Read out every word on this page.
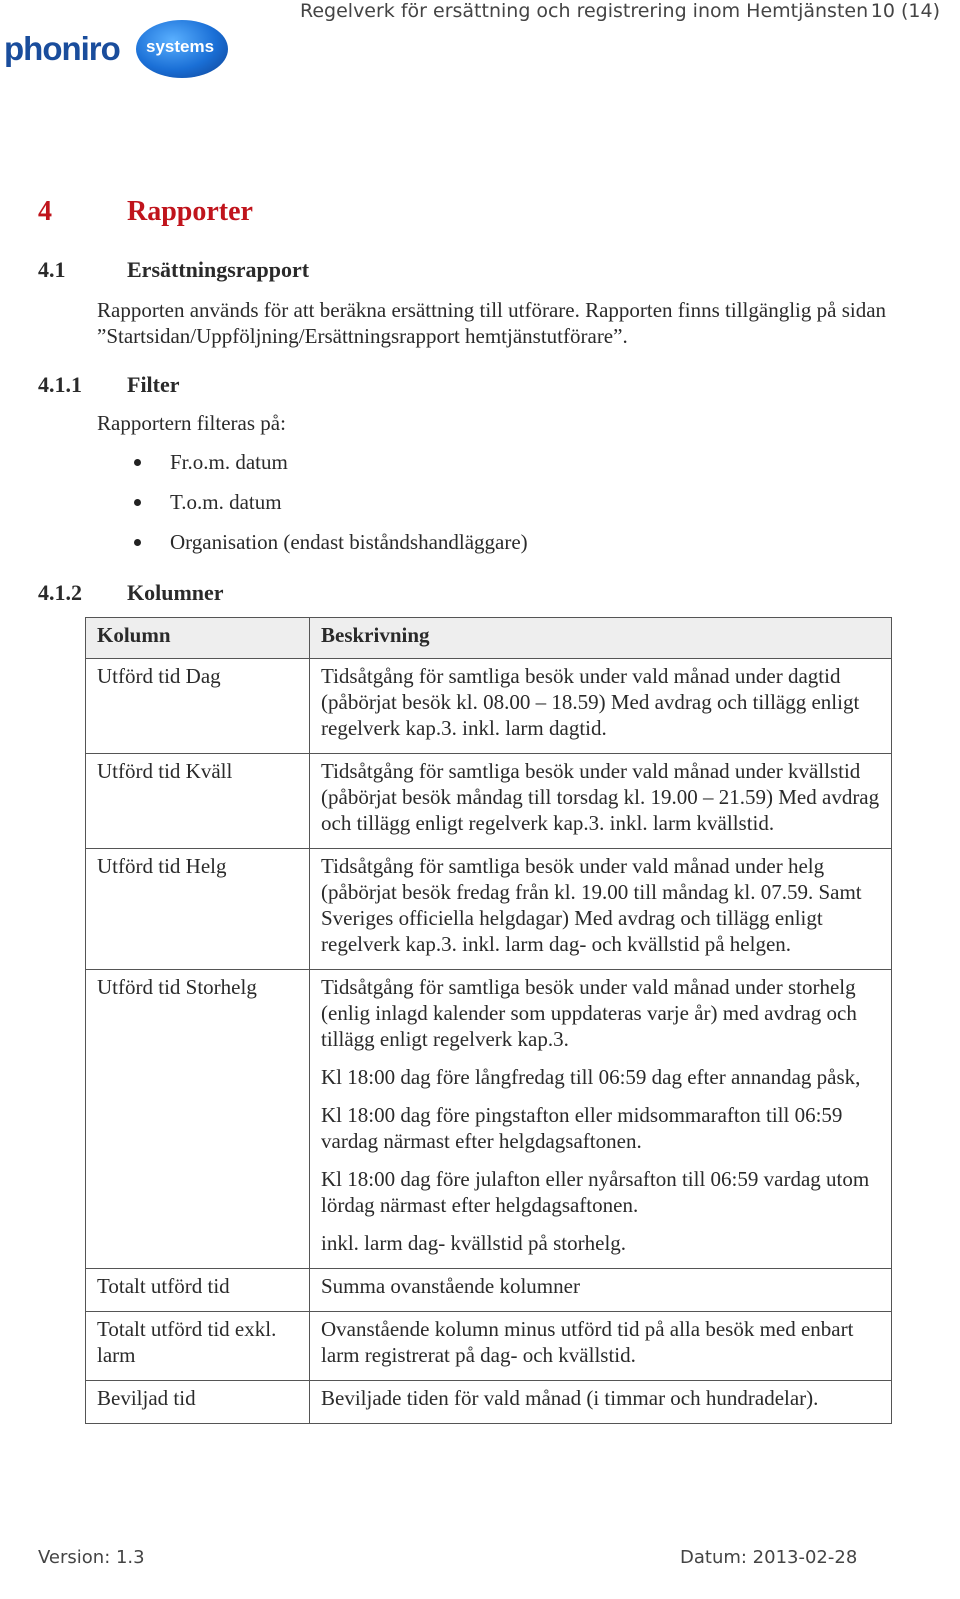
phoniro systems
Regelverk för ersättning och registrering inom Hemtjänsten 10 (14)
4	Rapporter
4.1	Ersättningsrapport
Rapporten används för att beräkna ersättning till utförare. Rapporten finns tillgänglig på sidan ”Startsidan/Uppföljning/Ersättningsrapport hemtjänstutförare”.
4.1.1 Filter
Rapportern filteras på:
Fr.o.m. datum
T.o.m. datum
Organisation (endast biståndshandläggare)
4.1.2 Kolumner
Kolumn	Beskrivning
Utförd tid Dag	Tidsåtgång för samtliga besök under vald månad under dagtid (påbörjat besök kl. 08.00 – 18.59) Med avdrag och tillägg enligt regelverk kap.3. inkl. larm dagtid.

Utförd tid Kväll	Tidsåtgång för samtliga besök under vald månad under kvällstid (påbörjat besök måndag till torsdag kl. 19.00 – 21.59) Med avdrag och tillägg enligt regelverk kap.3. inkl. larm kvällstid.

Utförd tid Helg	Tidsåtgång för samtliga besök under vald månad under helg (påbörjat besök fredag från kl. 19.00 till måndag kl. 07.59. Samt Sveriges officiella helgdagar) Med avdrag och tillägg enligt regelverk kap.3. inkl. larm dag- och kvällstid på helgen.

Utförd tid Storhelg	Tidsåtgång för samtliga besök under vald månad under storhelg (enlig inlagd kalender som uppdateras varje år) med avdrag och tillägg enligt regelverk kap.3.

Kl 18:00 dag före långfredag till 06:59 dag efter annandag påsk,

Kl 18:00 dag före pingstafton eller midsommarafton till 06:59 vardag närmast efter helgdagsaftonen.

Kl 18:00 dag före julafton eller nyårsafton till 06:59 vardag utom lördag närmast efter helgdagsaftonen.

inkl. larm dag- kvällstid på storhelg.

Totalt utförd tid	Summa ovanstående kolumner

Totalt utförd tid exkl. larm	Ovanstående kolumn minus utförd tid på alla besök med enbart larm registrerat på dag- och kvällstid.

Beviljad tid	Beviljade tiden för vald månad (i timmar och hundradelar).

Version: 1.3	Datum: 2013-02-28
